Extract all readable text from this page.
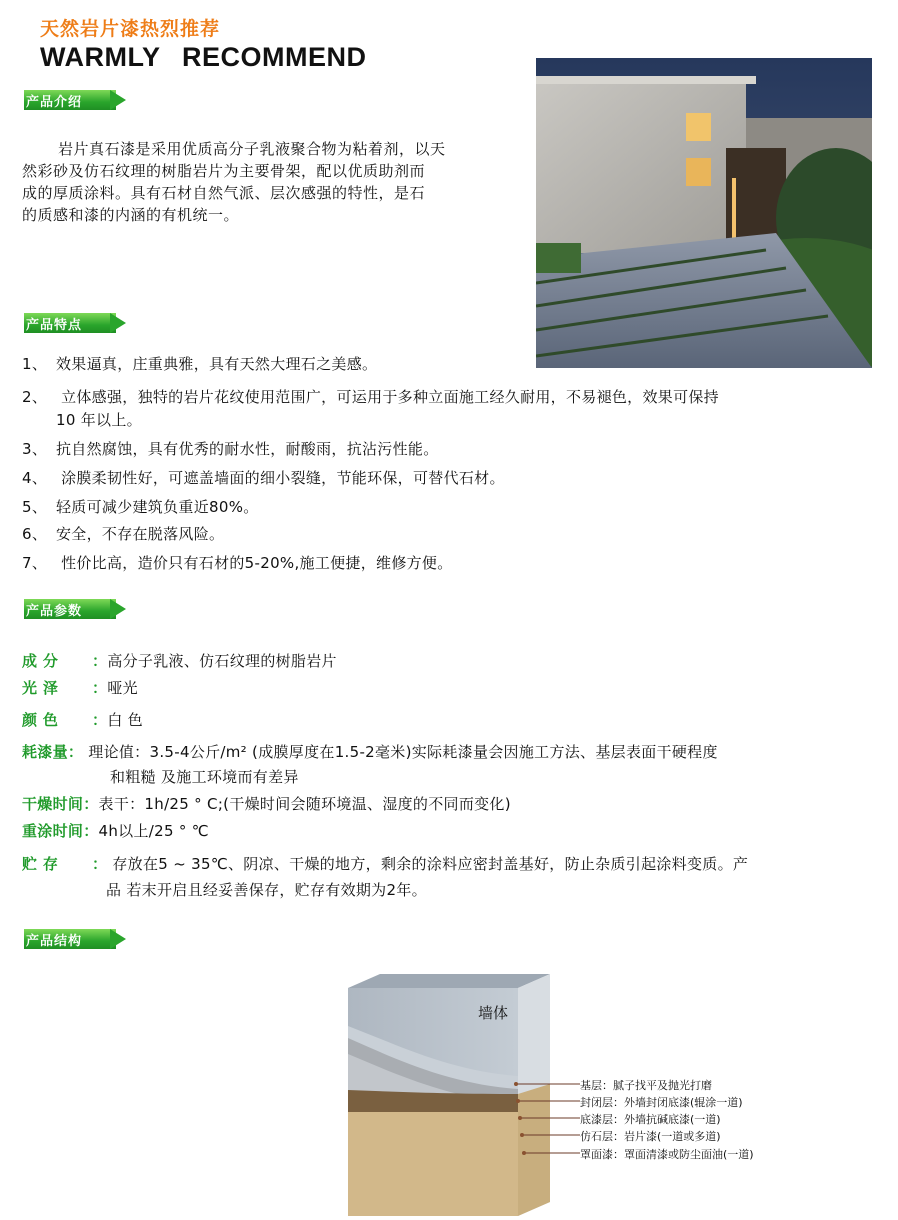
天然岩片漆热烈推荐
WARMLY RECOMMEND
产品介绍
岩片真石漆是采用优质高分子乳液聚合物为粘着剂，以天
然彩砂及仿石纹理的树脂岩片为主要骨架，配以优质助剂而
成的厚质涂料。具有石材自然气派、层次感强的特性，是石
的质感和漆的内涵的有机统一。
产品特点
1、 效果逼真，庄重典雅，具有天然大理石之美感。
2、 立体感强，独特的岩片花纹使用范围广，可运用于多种立面施工经久耐用，不易褪色，效果可保持
10 年以上。
3、 抗自然腐蚀，具有优秀的耐水性，耐酸雨，抗沾污性能。
4、 涂膜柔韧性好，可遮盖墙面的细小裂缝，节能环保，可替代石材。
5、 轻质可减少建筑负重近80%。
6、 安全，不存在脱落风险。
7、 性价比高，造价只有石材的5-20%,施工便捷，维修方便。
产品参数
成 分 ：高分子乳液、仿石纹理的树脂岩片
光 泽 ：哑光
颜 色 ：白 色
耗漆量： 理论值：3.5-4公斤/m² (成膜厚度在1.5-2毫米)实际耗漆量会因施工方法、基层表面干硬程度
和粗糙 及施工环境而有差异
干燥时间：表干：1h/25 ° C;(干燥时间会随环境温、湿度的不同而变化)
重涂时间：4h以上/25 ° ℃
贮 存 ： 存放在5 ~ 35℃、阴凉、干燥的地方，剩余的涂料应密封盖基好，防止杂质引起涂料变质。产
品 若末开启且经妥善保存，贮存有效期为2年。
产品结构
墙体
基层：腻子找平及抛光打磨
封闭层：外墙封闭底漆(辊涂一道)
底漆层：外墙抗碱底漆(一道)
仿石层：岩片漆(一道或多道)
罩面漆：罩面清漆或防尘面油(一道)
